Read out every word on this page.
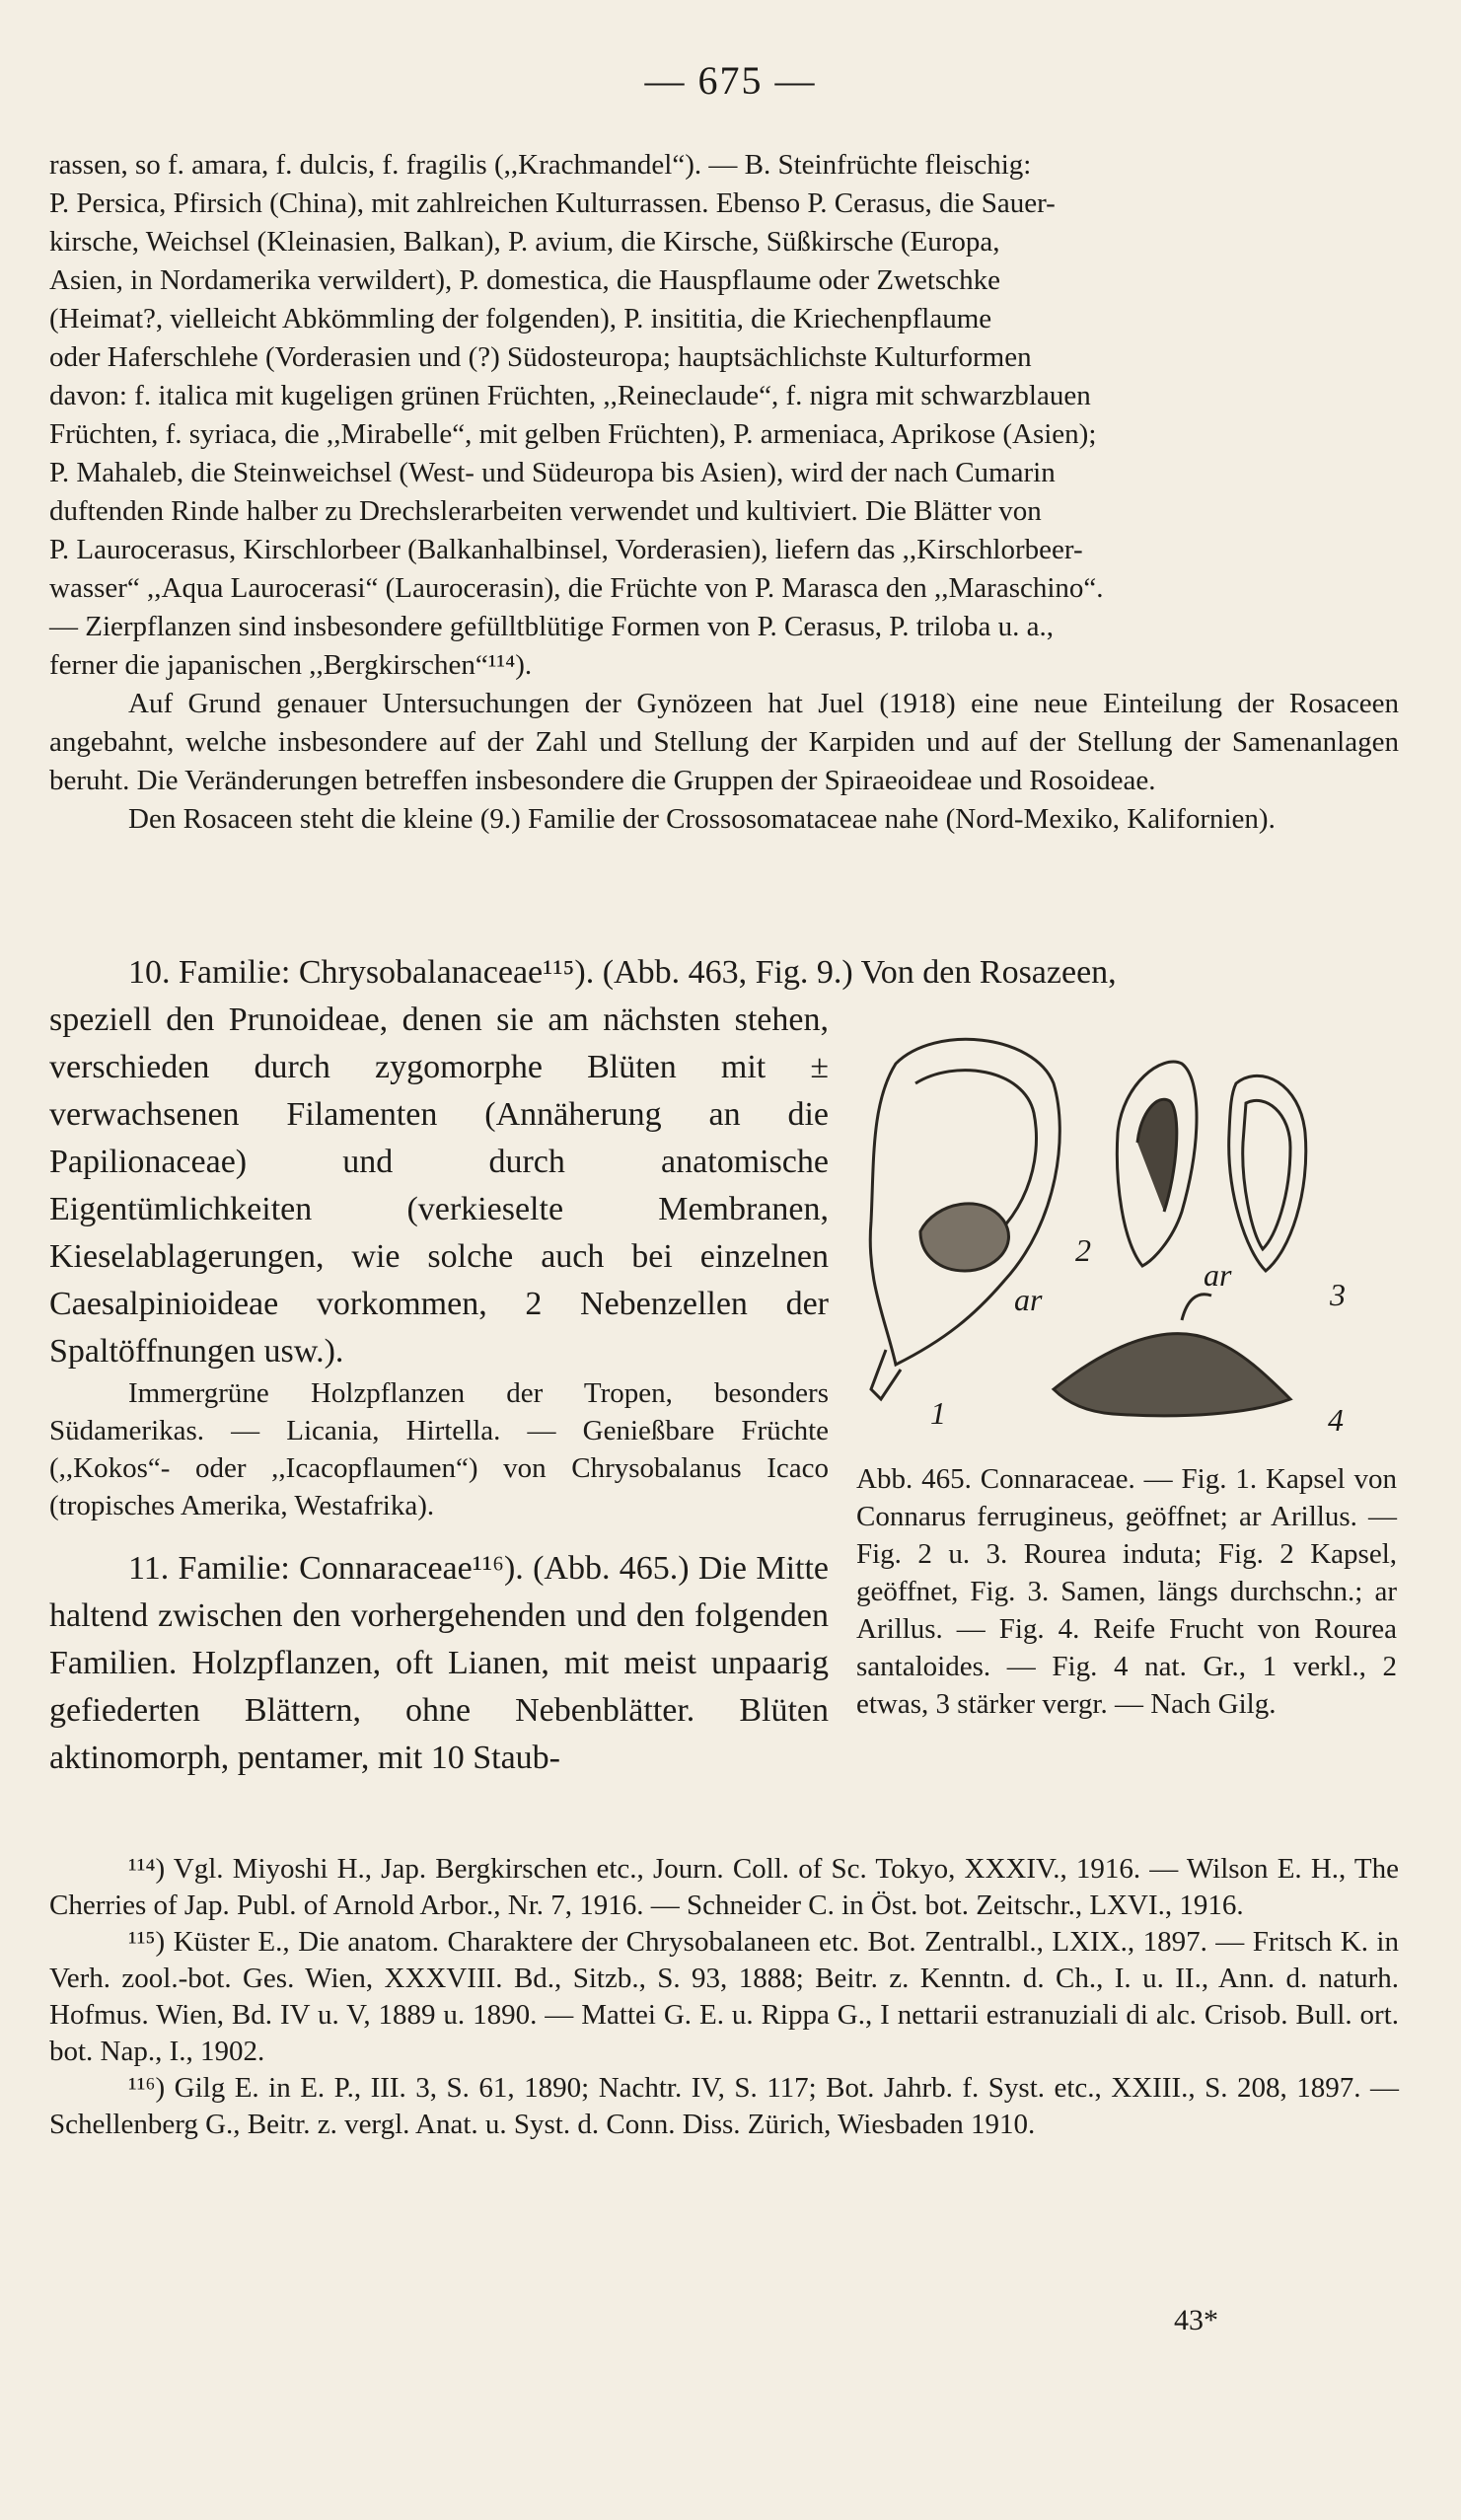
— 675 —

rassen, so f. amara, f. dulcis, f. fragilis (,,Krachmandel“). — B. Steinfrüchte fleischig:

P. Persica, Pfirsich (China), mit zahlreichen Kulturrassen. Ebenso P. Cerasus, die Sauer-

kirsche, Weichsel (Kleinasien, Balkan), P. avium, die Kirsche, Süßkirsche (Europa,

Asien, in Nordamerika verwildert), P. domestica, die Hauspflaume oder Zwetschke

(Heimat?, vielleicht Abkömmling der folgenden), P. insititia, die Kriechenpflaume

oder Haferschlehe (Vorderasien und (?) Südosteuropa; hauptsächlichste Kulturformen

davon: f. italica mit kugeligen grünen Früchten, ,,Reineclaude“, f. nigra mit schwarzblauen

Früchten, f. syriaca, die ,,Mirabelle“, mit gelben Früchten), P. armeniaca, Aprikose (Asien);

P. Mahaleb, die Steinweichsel (West- und Südeuropa bis Asien), wird der nach Cumarin

duftenden Rinde halber zu Drechslerarbeiten verwendet und kultiviert. Die Blätter von

P. Laurocerasus, Kirschlorbeer (Balkanhalbinsel, Vorderasien), liefern das ,,Kirschlorbeer-

wasser“ ,,Aqua Laurocerasi“ (Laurocerasin), die Früchte von P. Marasca den ,,Maraschino“.

— Zierpflanzen sind insbesondere gefülltblütige Formen von P. Cerasus, P. triloba u. a.,

ferner die japanischen ,,Bergkirschen“¹¹⁴).

Auf Grund genauer Untersuchungen der Gynözeen hat Juel (1918) eine neue Einteilung der Rosaceen angebahnt, welche insbesondere auf der Zahl und Stellung der Karpiden und auf der Stellung der Samenanlagen beruht. Die Veränderungen betreffen insbesondere die Gruppen der Spiraeoideae und Rosoideae.

Den Rosaceen steht die kleine (9.) Familie der Crossosomataceae nahe (Nord-Mexiko, Kalifornien).

10. Familie: Chrysobalanaceae¹¹⁵). (Abb. 463, Fig. 9.) Von den Rosazeen,

speziell den Prunoideae, denen sie am nächsten stehen, verschieden durch zygomorphe Blüten mit ± verwachsenen Filamenten (Annäherung an die Papilionaceae) und durch anatomische Eigentümlichkeiten (verkieselte Membranen, Kieselablagerungen, wie solche auch bei einzelnen Caesalpinioideae vorkommen, 2 Nebenzellen der Spaltöffnungen usw.).

Immergrüne Holzpflanzen der Tropen, besonders Südamerikas. — Licania, Hirtella. — Genießbare Früchte (,,Kokos“- oder ,,Icacopflaumen“) von Chrysobalanus Icaco (tropisches Amerika, Westafrika).

11. Familie: Connaraceae¹¹⁶). (Abb. 465.) Die Mitte haltend zwischen den vorhergehenden und den folgenden Familien. Holzpflanzen, oft Lianen, mit meist unpaarig gefiederten Blättern, ohne Nebenblätter. Blüten aktinomorph, pentamer, mit 10 Staub-

2
ar
ar
3
1	4

Abb. 465. Connaraceae. — Fig. 1. Kapsel von Connarus ferrugineus, geöffnet; ar Arillus. — Fig. 2 u. 3. Rourea induta; Fig. 2 Kapsel, geöffnet, Fig. 3. Samen, längs durchschn.; ar Arillus. — Fig. 4. Reife Frucht von Rourea santaloides. — Fig. 4 nat. Gr., 1 verkl., 2 etwas, 3 stärker vergr. — Nach Gilg.

¹¹⁴) Vgl. Miyoshi H., Jap. Bergkirschen etc., Journ. Coll. of Sc. Tokyo, XXXIV., 1916. — Wilson E. H., The Cherries of Jap. Publ. of Arnold Arbor., Nr. 7, 1916. — Schneider C. in Öst. bot. Zeitschr., LXVI., 1916.

¹¹⁵) Küster E., Die anatom. Charaktere der Chrysobalaneen etc. Bot. Zentralbl., LXIX., 1897. — Fritsch K. in Verh. zool.-bot. Ges. Wien, XXXVIII. Bd., Sitzb., S. 93, 1888; Beitr. z. Kenntn. d. Ch., I. u. II., Ann. d. naturh. Hofmus. Wien, Bd. IV u. V, 1889 u. 1890. — Mattei G. E. u. Rippa G., I nettarii estranuziali di alc. Crisob. Bull. ort. bot. Nap., I., 1902.

¹¹⁶) Gilg E. in E. P., III. 3, S. 61, 1890; Nachtr. IV, S. 117; Bot. Jahrb. f. Syst. etc., XXIII., S. 208, 1897. — Schellenberg G., Beitr. z. vergl. Anat. u. Syst. d. Conn. Diss. Zürich, Wiesbaden 1910.

43*
